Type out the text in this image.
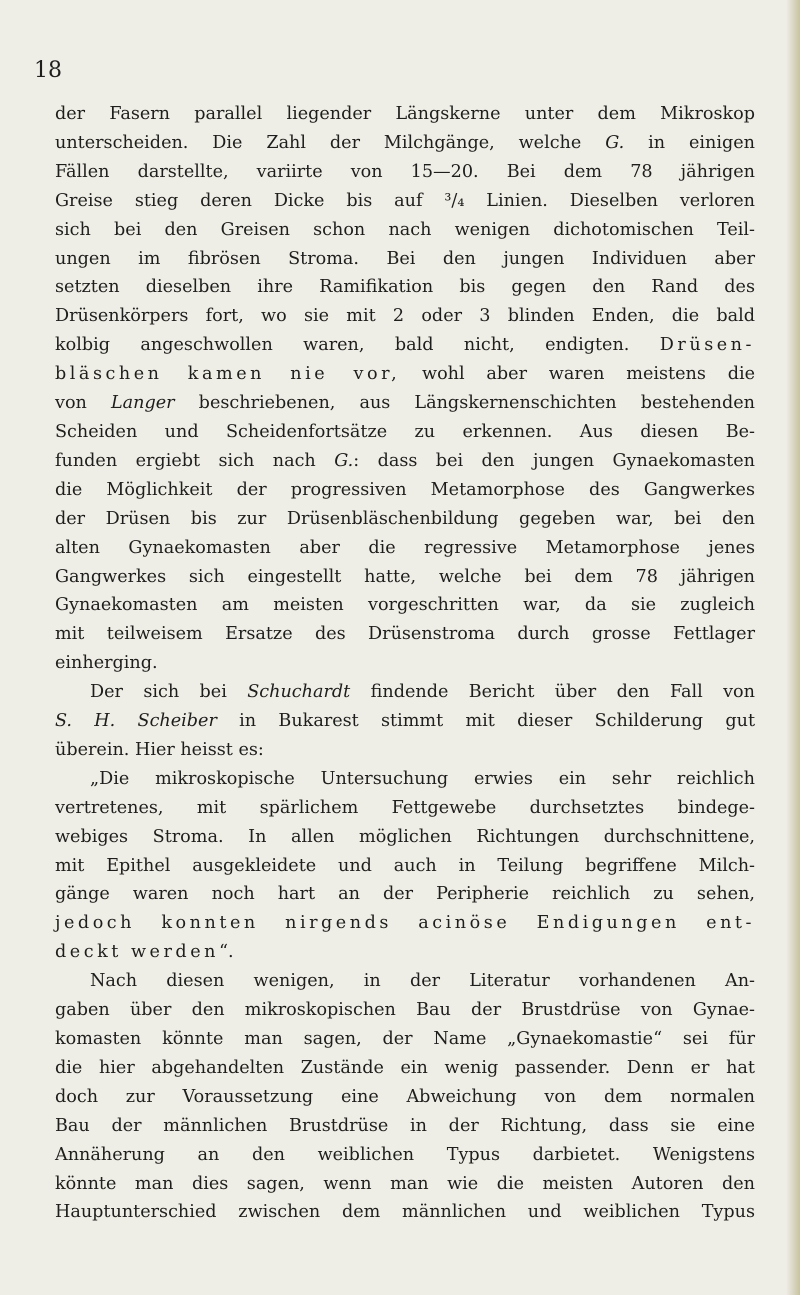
18
der Fasern parallel liegender Längskerne unter dem Mikroskop
unterscheiden. Die Zahl der Milchgänge, welche G. in einigen
Fällen darstellte, variirte von 15—20. Bei dem 78 jährigen
Greise stieg deren Dicke bis auf ³/₄ Linien. Dieselben verloren
sich bei den Greisen schon nach wenigen dichotomischen Teil-
ungen im fibrösen Stroma. Bei den jungen Individuen aber
setzten dieselben ihre Ramifikation bis gegen den Rand des
Drüsenkörpers fort, wo sie mit 2 oder 3 blinden Enden, die bald
kolbig angeschwollen waren, bald nicht, endigten. Drüsen-
bläschen kamen nie vor, wohl aber waren meistens die
von Langer beschriebenen, aus Längskernenschichten bestehenden
Scheiden und Scheidenfortsätze zu erkennen. Aus diesen Be-
funden ergiebt sich nach G.: dass bei den jungen Gynaekomasten
die Möglichkeit der progressiven Metamorphose des Gangwerkes
der Drüsen bis zur Drüsenbläschenbildung gegeben war, bei den
alten Gynaekomasten aber die regressive Metamorphose jenes
Gangwerkes sich eingestellt hatte, welche bei dem 78 jährigen
Gynaekomasten am meisten vorgeschritten war, da sie zugleich
mit teilweisem Ersatze des Drüsenstroma durch grosse Fettlager
einherging.
Der sich bei Schuchardt findende Bericht über den Fall von
S. H. Scheiber in Bukarest stimmt mit dieser Schilderung gut
überein. Hier heisst es:
„Die mikroskopische Untersuchung erwies ein sehr reichlich
vertretenes, mit spärlichem Fettgewebe durchsetztes bindege-
webiges Stroma. In allen möglichen Richtungen durchschnittene,
mit Epithel ausgekleidete und auch in Teilung begriffene Milch-
gänge waren noch hart an der Peripherie reichlich zu sehen,
jedoch konnten nirgends acinöse Endigungen ent-
deckt werden“.
Nach diesen wenigen, in der Literatur vorhandenen An-
gaben über den mikroskopischen Bau der Brustdrüse von Gynae-
komasten könnte man sagen, der Name „Gynaekomastie“ sei für
die hier abgehandelten Zustände ein wenig passender. Denn er hat
doch zur Voraussetzung eine Abweichung von dem normalen
Bau der männlichen Brustdrüse in der Richtung, dass sie eine
Annäherung an den weiblichen Typus darbietet. Wenigstens
könnte man dies sagen, wenn man wie die meisten Autoren den
Hauptunterschied zwischen dem männlichen und weiblichen Typus
